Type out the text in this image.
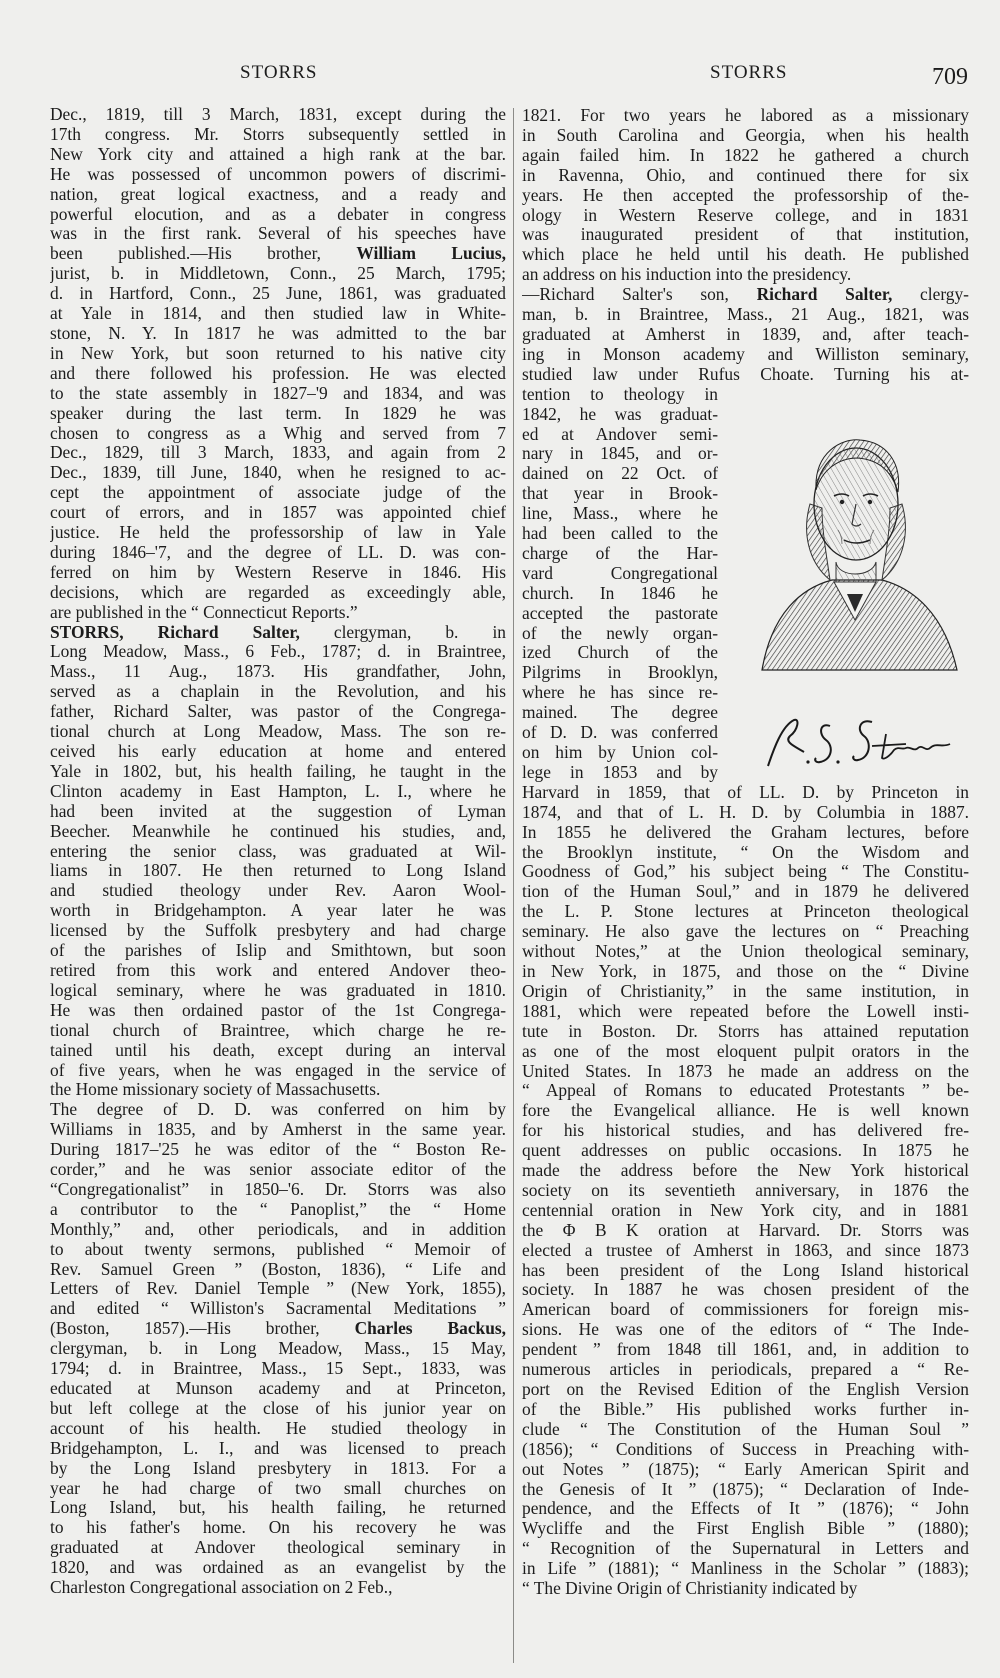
STORRS	STORRS	709
Dec., 1819, till 3 March, 1831, except during the
17th congress. Mr. Storrs subsequently settled in
New York city and attained a high rank at the bar.
He was possessed of uncommon powers of discrimi-
nation, great logical exactness, and a ready and
powerful elocution, and as a debater in congress
was in the first rank. Several of his speeches have
been published.—His brother, William Lucius,
jurist, b. in Middletown, Conn., 25 March, 1795;
d. in Hartford, Conn., 25 June, 1861, was graduated
at Yale in 1814, and then studied law in White-
stone, N. Y. In 1817 he was admitted to the bar
in New York, but soon returned to his native city
and there followed his profession. He was elected
to the state assembly in 1827–'9 and 1834, and was
speaker during the last term. In 1829 he was
chosen to congress as a Whig and served from 7
Dec., 1829, till 3 March, 1833, and again from 2
Dec., 1839, till June, 1840, when he resigned to ac-
cept the appointment of associate judge of the
court of errors, and in 1857 was appointed chief
justice. He held the professorship of law in Yale
during 1846–'7, and the degree of LL. D. was con-
ferred on him by Western Reserve in 1846. His
decisions, which are regarded as exceedingly able,
are published in the “ Connecticut Reports.”
STORRS, Richard Salter, clergyman, b. in
Long Meadow, Mass., 6 Feb., 1787; d. in Braintree,
Mass., 11 Aug., 1873. His grandfather, John,
served as a chaplain in the Revolution, and his
father, Richard Salter, was pastor of the Congrega-
tional church at Long Meadow, Mass. The son re-
ceived his early education at home and entered
Yale in 1802, but, his health failing, he taught in the
Clinton academy in East Hampton, L. I., where he
had been invited at the suggestion of Lyman
Beecher. Meanwhile he continued his studies, and,
entering the senior class, was graduated at Wil-
liams in 1807. He then returned to Long Island
and studied theology under Rev. Aaron Wool-
worth in Bridgehampton. A year later he was
licensed by the Suffolk presbytery and had charge
of the parishes of Islip and Smithtown, but soon
retired from this work and entered Andover theo-
logical seminary, where he was graduated in 1810.
He was then ordained pastor of the 1st Congrega-
tional church of Braintree, which charge he re-
tained until his death, except during an interval
of five years, when he was engaged in the service of
the Home missionary society of Massachusetts.
The degree of D. D. was conferred on him by
Williams in 1835, and by Amherst in the same year.
During 1817–'25 he was editor of the “ Boston Re-
corder,” and he was senior associate editor of the
“Congregationalist” in 1850–'6. Dr. Storrs was also
a contributor to the “ Panoplist,” the “ Home
Monthly,” and, other periodicals, and in addition
to about twenty sermons, published “ Memoir of
Rev. Samuel Green ” (Boston, 1836), “ Life and
Letters of Rev. Daniel Temple ” (New York, 1855),
and edited “ Williston's Sacramental Meditations ”
(Boston, 1857).—His brother, Charles Backus,
clergyman, b. in Long Meadow, Mass., 15 May,
1794; d. in Braintree, Mass., 15 Sept., 1833, was
educated at Munson academy and at Princeton,
but left college at the close of his junior year on
account of his health. He studied theology in
Bridgehampton, L. I., and was licensed to preach
by the Long Island presbytery in 1813. For a
year he had charge of two small churches on
Long Island, but, his health failing, he returned
to his father's home. On his recovery he was
graduated at Andover theological seminary in
1820, and was ordained as an evangelist by the
Charleston Congregational association on 2 Feb.,
1821. For two years he labored as a missionary
in South Carolina and Georgia, when his health
again failed him. In 1822 he gathered a church
in Ravenna, Ohio, and continued there for six
years. He then accepted the professorship of the-
ology in Western Reserve college, and in 1831
was inaugurated president of that institution,
which place he held until his death. He published
an address on his induction into the presidency.
—Richard Salter's son, Richard Salter, clergy-
man, b. in Braintree, Mass., 21 Aug., 1821, was
graduated at Amherst in 1839, and, after teach-
ing in Monson academy and Williston seminary,
studied law under Rufus Choate. Turning his at-
tention to theology in
1842, he was graduat-
ed at Andover semi-
nary in 1845, and or-
dained on 22 Oct. of
that year in Brook-
line, Mass., where he
had been called to the
charge of the Har-
vard Congregational
church. In 1846 he
accepted the pastorate
of the newly organ-
ized Church of the
Pilgrims in Brooklyn,
where he has since re-
mained. The degree
of D. D. was conferred
on him by Union col-
lege in 1853 and by
Harvard in 1859, that of LL. D. by Princeton in
1874, and that of L. H. D. by Columbia in 1887.
In 1855 he delivered the Graham lectures, before
the Brooklyn institute, “ On the Wisdom and
Goodness of God,” his subject being “ The Constitu-
tion of the Human Soul,” and in 1879 he delivered
the L. P. Stone lectures at Princeton theological
seminary. He also gave the lectures on “ Preaching
without Notes,” at the Union theological seminary,
in New York, in 1875, and those on the “ Divine
Origin of Christianity,” in the same institution, in
1881, which were repeated before the Lowell insti-
tute in Boston. Dr. Storrs has attained reputation
as one of the most eloquent pulpit orators in the
United States. In 1873 he made an address on the
“ Appeal of Romans to educated Protestants ” be-
fore the Evangelical alliance. He is well known
for his historical studies, and has delivered fre-
quent addresses on public occasions. In 1875 he
made the address before the New York historical
society on its seventieth anniversary, in 1876 the
centennial oration in New York city, and in 1881
the Φ Β Κ oration at Harvard. Dr. Storrs was
elected a trustee of Amherst in 1863, and since 1873
has been president of the Long Island historical
society. In 1887 he was chosen president of the
American board of commissioners for foreign mis-
sions. He was one of the editors of “ The Inde-
pendent ” from 1848 till 1861, and, in addition to
numerous articles in periodicals, prepared a “ Re-
port on the Revised Edition of the English Version
of the Bible.” His published works further in-
clude “ The Constitution of the Human Soul ”
(1856); “ Conditions of Success in Preaching with-
out Notes ” (1875); “ Early American Spirit and
the Genesis of It ” (1875); “ Declaration of Inde-
pendence, and the Effects of It ” (1876); “ John
Wycliffe and the First English Bible ” (1880);
“ Recognition of the Supernatural in Letters and
in Life ” (1881); “ Manliness in the Scholar ” (1883);
“ The Divine Origin of Christianity indicated by
